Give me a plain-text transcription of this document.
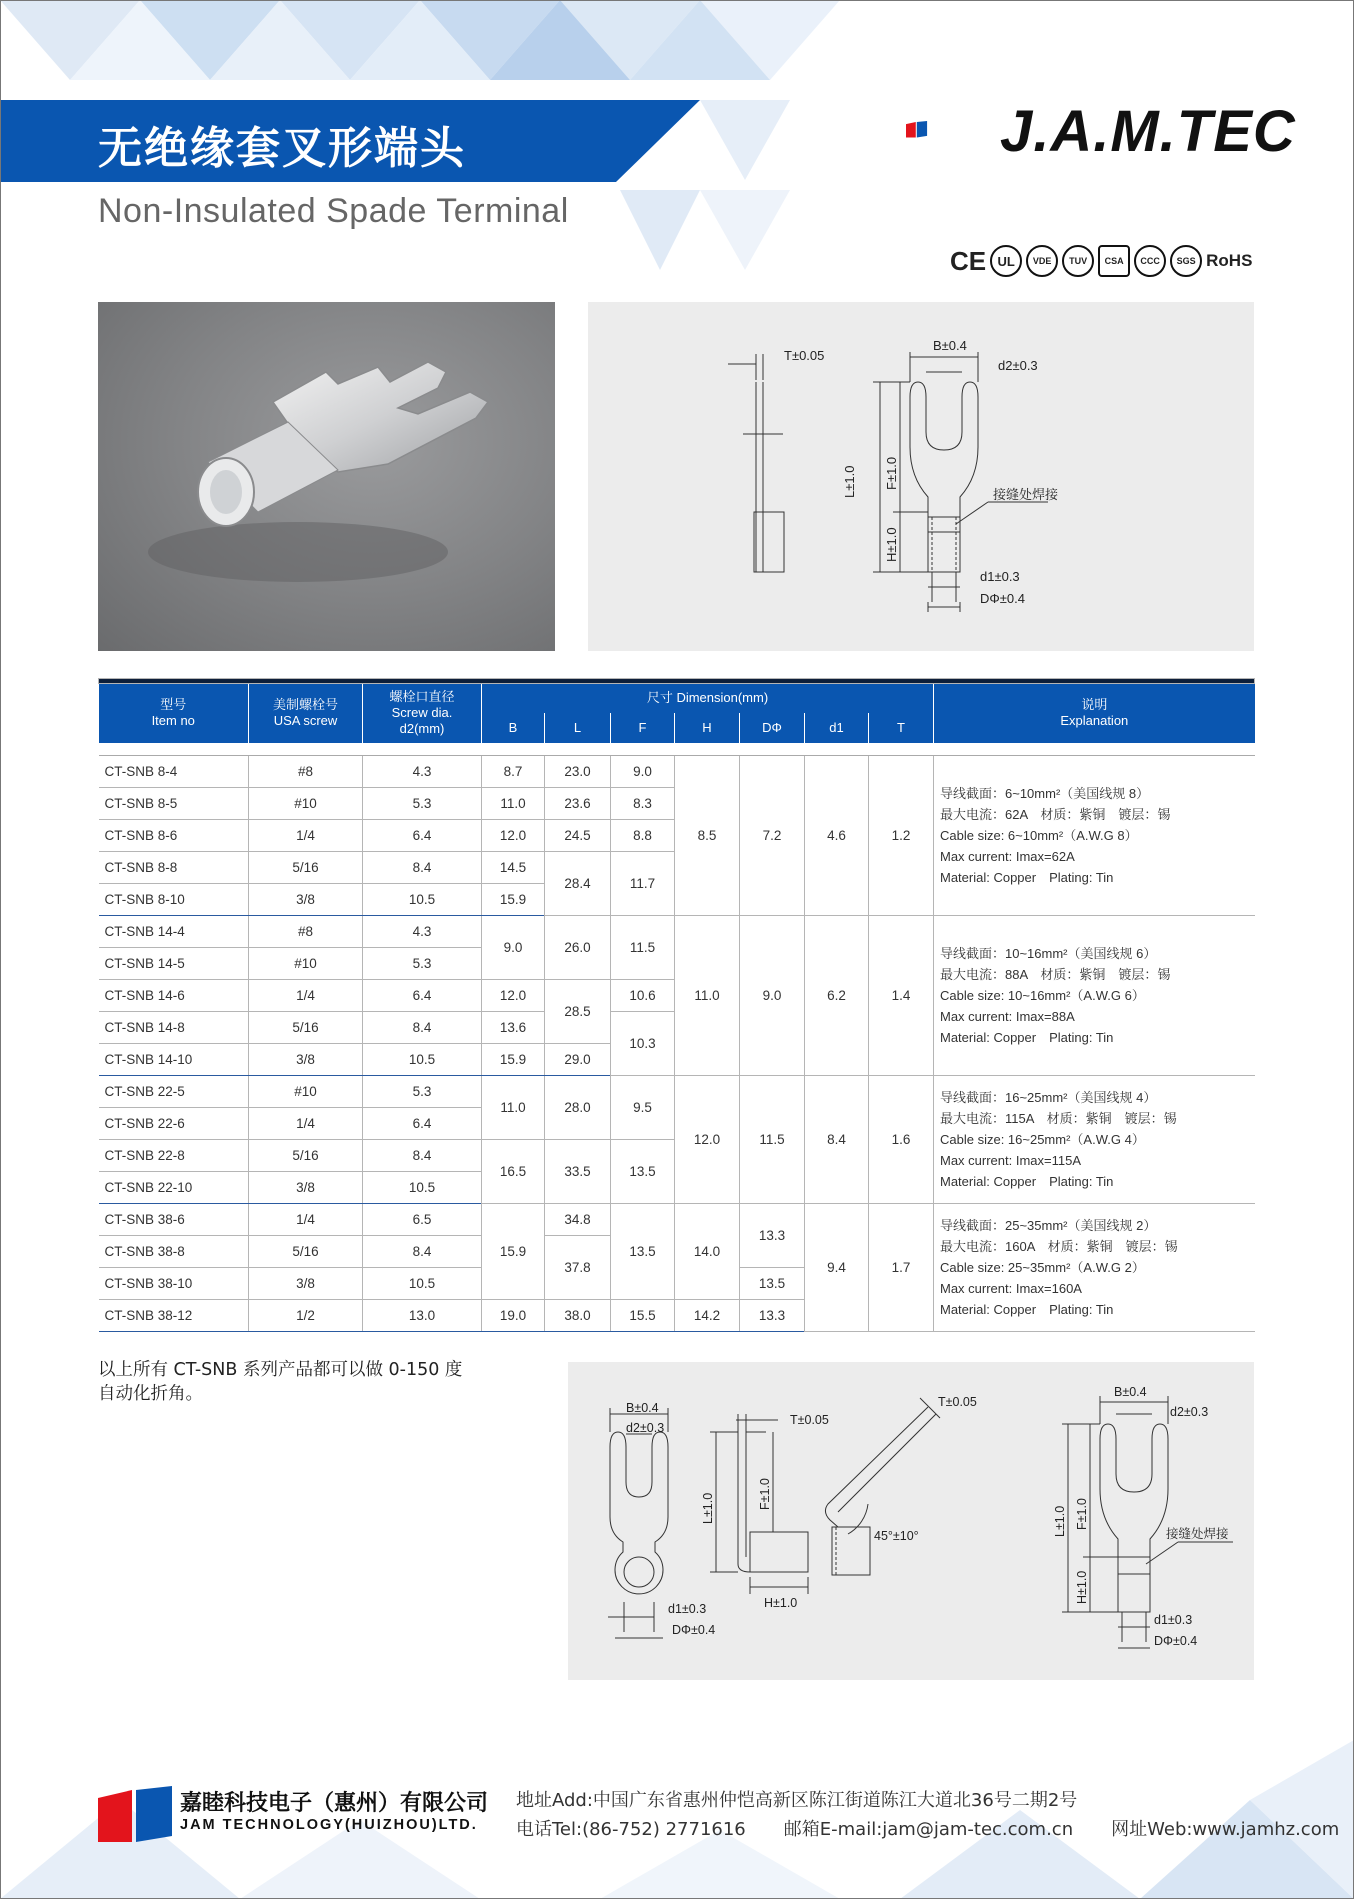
无绝缘套叉形端头
Non-Insulated Spade Terminal
J.A.M.TEC
CE UL	VDE	TUV	CSA	CCC	SGS RoHS
T±0.05
B±0.4
d2±0.3
L±1.0 F±1.0
H±1.0
接缝处焊接
d1±0.3
DΦ±0.4

型号
Item no	美制螺栓号
USA screw	螺栓口直径
Screw dia.
d2(mm)	尺寸 Dimension(mm)							说明
Explanation
			B	L	F	H	DΦ	d1	T	

CT-SNB 8-4	#8	4.3	8.7	23.0	9.0	8.5	7.2	4.6	1.2	导线截面：6~10mm²（美国线规 8）
最大电流：62A　材质：紫铜　镀层：锡
Cable size: 6~10mm²（A.W.G 8）
Max current: Imax=62A
Material: Copper　Plating: Tin

CT-SNB 8-5	#10	5.3	11.0	23.6	8.3					
CT-SNB 8-6	1/4	6.4	12.0	24.5	8.8					
CT-SNB 8-8	5/16	8.4	14.5	28.4	11.7					
CT-SNB 8-10	3/8	10.5	15.9							
CT-SNB 14-4	#8	4.3	9.0	26.0	11.5	11.0	9.0	6.2	1.4	导线截面：10~16mm²（美国线规 6）
最大电流：88A　材质：紫铜　镀层：锡
Cable size: 10~16mm²（A.W.G 6）
Max current: Imax=88A
Material: Copper　Plating: Tin

CT-SNB 14-5	#10	5.3								
CT-SNB 14-6	1/4	6.4	12.0	28.5	10.6					
CT-SNB 14-8	5/16	8.4	13.6		10.3					
CT-SNB 14-10	3/8	10.5	15.9	29.0						
CT-SNB 22-5	#10	5.3	11.0	28.0	9.5	12.0	11.5	8.4	1.6	导线截面：16~25mm²（美国线规 4）
最大电流：115A　材质：紫铜　镀层：锡
Cable size: 16~25mm²（A.W.G 4）
Max current: Imax=115A
Material: Copper　Plating: Tin

CT-SNB 22-6	1/4	6.4								
CT-SNB 22-8	5/16	8.4	16.5	33.5	13.5					
CT-SNB 22-10	3/8	10.5								
CT-SNB 38-6	1/4	6.5	15.9	34.8	13.5	14.0	13.3	9.4	1.7	导线截面：25~35mm²（美国线规 2）
最大电流：160A　材质：紫铜　镀层：锡
Cable size: 25~35mm²（A.W.G 2）
Max current: Imax=160A
Material: Copper　Plating: Tin

CT-SNB 38-8	5/16	8.4		37.8						
CT-SNB 38-10	3/8	10.5					13.5			
CT-SNB 38-12	1/2	13.0	19.0	38.0	15.5	14.2	13.3			
以上所有 CT-SNB 系列产品都可以做 0-150 度
自动化折角。
B±0.4
d2±0.3
d1±0.3
DΦ±0.4
T±0.05
L±1.0	F±1.0
H±1.0
T±0.05
45°±10°
B±0.4
d2±0.3
L±1.0 F±1.0
H±1.0
接缝处焊接
d1±0.3
DΦ±0.4
嘉睦科技电子（惠州）有限公司
JAM TECHNOLOGY(HUIZHOU)LTD.
地址Add:中国广东省惠州仲恺高新区陈江街道陈江大道北36号二期2号
电话Tel:(86-752) 2771616 邮箱E-mail:jam@jam-tec.com.cn 网址Web:www.jamhz.com
